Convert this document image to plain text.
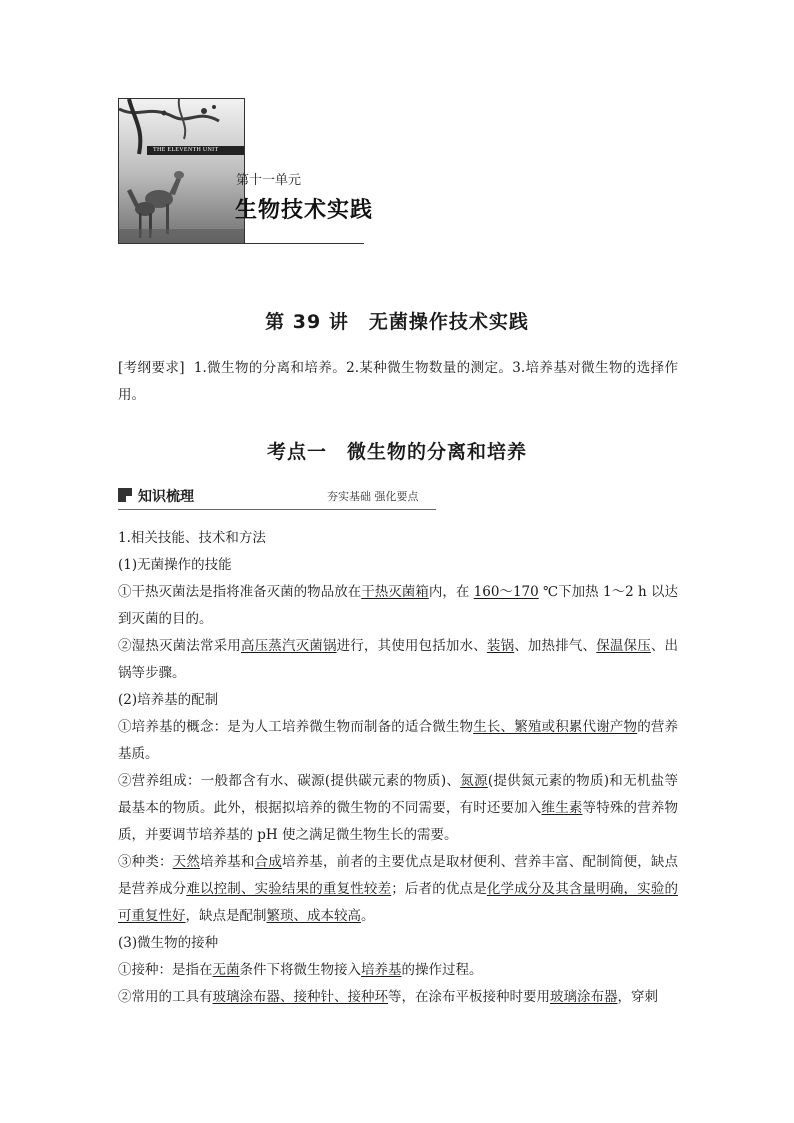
THE ELEVENTH UNIT
第十一单元
生物技术实践
第 39 讲　无菌操作技术实践
[考纲要求] 1.微生物的分离和培养。2.某种微生物数量的测定。3.培养基对微生物的选择作用。
考点一　微生物的分离和培养
知识梳理	夯实基础 强化要点

1.相关技能、技术和方法

(1)无菌操作的技能

①干热灭菌法是指将准备灭菌的物品放在干热灭菌箱内，在 160～170 ℃下加热 1～2 h 以达到灭菌的目的。

②湿热灭菌法常采用高压蒸汽灭菌锅进行，其使用包括加水、装锅、加热排气、保温保压、出锅等步骤。

(2)培养基的配制

①培养基的概念：是为人工培养微生物而制备的适合微生物生长、繁殖或积累代谢产物的营养基质。

②营养组成：一般都含有水、碳源(提供碳元素的物质)、氮源(提供氮元素的物质)和无机盐等最基本的物质。此外，根据拟培养的微生物的不同需要，有时还要加入维生素等特殊的营养物质，并要调节培养基的 pH 使之满足微生物生长的需要。

③种类：天然培养基和合成培养基，前者的主要优点是取材便利、营养丰富、配制简便，缺点是营养成分难以控制、实验结果的重复性较差；后者的优点是化学成分及其含量明确，实验的可重复性好，缺点是配制繁琐、成本较高。

(3)微生物的接种

①接种：是指在无菌条件下将微生物接入培养基的操作过程。

②常用的工具有玻璃涂布器、接种针、接种环等，在涂布平板接种时要用玻璃涂布器，穿刺
